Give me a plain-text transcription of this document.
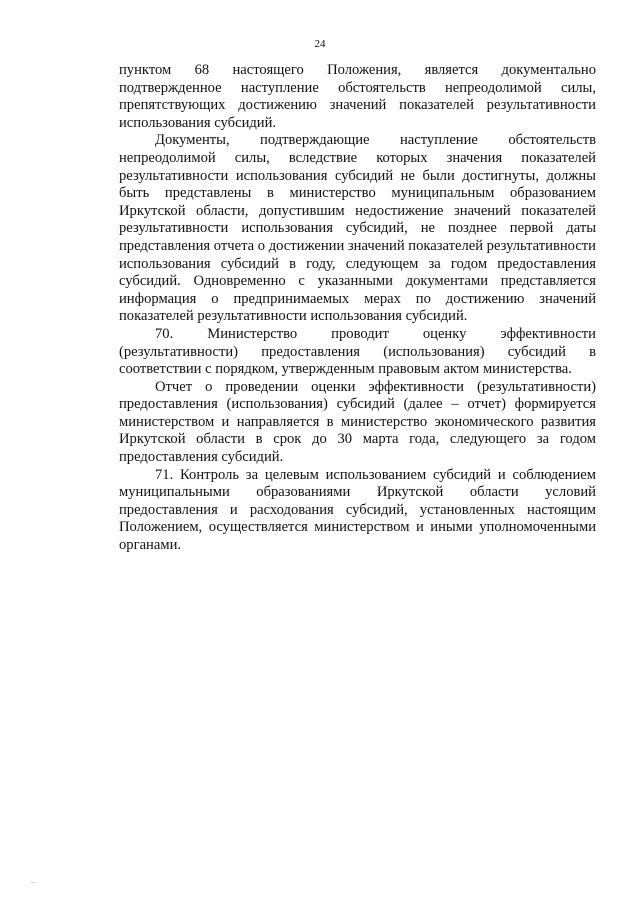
24

пунктом 68 настоящего Положения, является документально подтвержденное наступление обстоятельств непреодолимой силы, препятствующих достижению значений показателей результативности использования субсидий.

Документы, подтверждающие наступление обстоятельств непреодолимой силы, вследствие которых значения показателей результативности использования субсидий не были достигнуты, должны быть представлены в министерство муниципальным образованием Иркутской области, допустившим недостижение значений показателей результативности использования субсидий, не позднее первой даты представления отчета о достижении значений показателей результативности использования субсидий в году, следующем за годом предоставления субсидий. Одновременно с указанными документами представляется информация о предпринимаемых мерах по достижению значений показателей результативности использования субсидий.

70. Министерство проводит оценку эффективности (результативности) предоставления (использования) субсидий в соответствии с порядком, утвержденным правовым актом министерства.

Отчет о проведении оценки эффективности (результативности) предоставления (использования) субсидий (далее – отчет) формируется министерством и направляется в министерство экономического развития Иркутской области в срок до 30 марта года, следующего за годом предоставления субсидий.

71. Контроль за целевым использованием субсидий и соблюдением муниципальными образованиями Иркутской области условий предоставления и расходования субсидий, установленных настоящим Положением, осуществляется министерством и иными уполномоченными органами.
